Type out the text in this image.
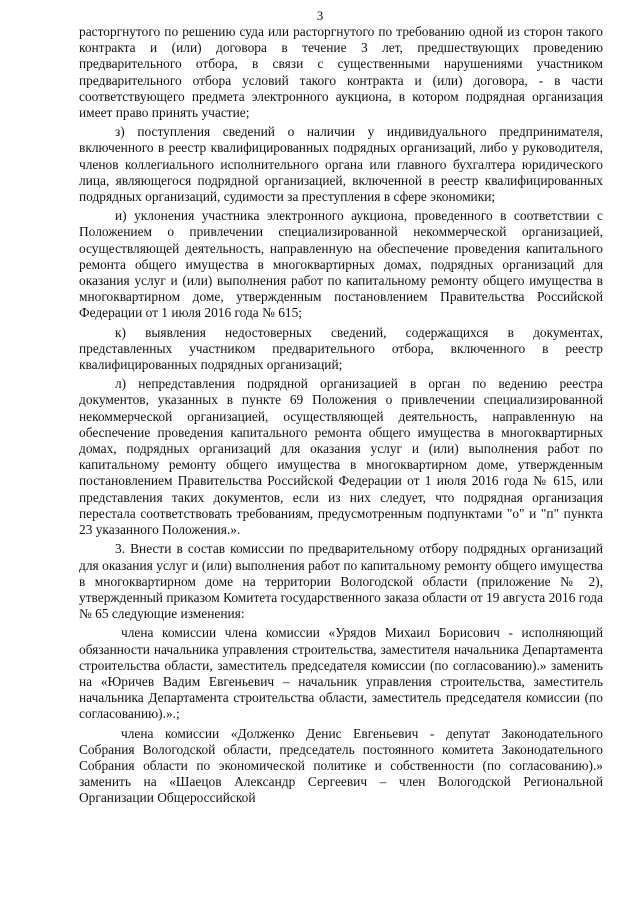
3

расторгнутого по решению суда или расторгнутого по требованию одной из сторон такого контракта и (или) договора в течение 3 лет, предшествующих проведению предварительного отбора, в связи с существенными нарушениями участником предварительного отбора условий такого контракта и (или) договора, - в части соответствующего предмета электронного аукциона, в котором подрядная организация имеет право принять участие;

з) поступления сведений о наличии у индивидуального предпринимателя, включенного в реестр квалифицированных подрядных организаций, либо у руководителя, членов коллегиального исполнительного органа или главного бухгалтера юридического лица, являющегося подрядной организацией, включенной в реестр квалифицированных подрядных организаций, судимости за преступления в сфере экономики;

и) уклонения участника электронного аукциона, проведенного в соответствии с Положением о привлечении специализированной некоммерческой организацией, осуществляющей деятельность, направленную на обеспечение проведения капитального ремонта общего имущества в многоквартирных домах, подрядных организаций для оказания услуг и (или) выполнения работ по капитальному ремонту общего имущества в многоквартирном доме, утвержденным постановлением Правительства Российской Федерации от 1 июля 2016 года № 615;

к) выявления недостоверных сведений, содержащихся в документах, представленных участником предварительного отбора, включенного в реестр квалифицированных подрядных организаций;

л) непредставления подрядной организацией в орган по ведению реестра документов, указанных в пункте 69 Положения о привлечении специализированной некоммерческой организацией, осуществляющей деятельность, направленную на обеспечение проведения капитального ремонта общего имущества в многоквартирных домах, подрядных организаций для оказания услуг и (или) выполнения работ по капитальному ремонту общего имущества в многоквартирном доме, утвержденным постановлением Правительства Российской Федерации от 1 июля 2016 года № 615, или представления таких документов, если из них следует, что подрядная организация перестала соответствовать требованиям, предусмотренным подпунктами "о" и "п" пункта 23 указанного Положения.».

3. Внести в состав комиссии по предварительному отбору подрядных организаций для оказания услуг и (или) выполнения работ по капитальному ремонту общего имущества в многоквартирном доме на территории Вологодской области (приложение № 2), утвержденный приказом Комитета государственного заказа области от 19 августа 2016 года № 65 следующие изменения:

члена комиссии члена комиссии «Урядов Михаил Борисович - исполняющий обязанности начальника управления строительства, заместителя начальника Департамента строительства области, заместитель председателя комиссии (по согласованию).» заменить на «Юричев Вадим Евгеньевич – начальник управления строительства, заместитель начальника Департамента строительства области, заместитель председателя комиссии (по согласованию).».;

члена комиссии «Долженко Денис Евгеньевич - депутат Законодательного Собрания Вологодской области, председатель постоянного комитета Законодательного Собрания области по экономической политике и собственности (по согласованию).» заменить на «Шаецов Александр Сергеевич – член Вологодской Региональной Организации Общероссийской
